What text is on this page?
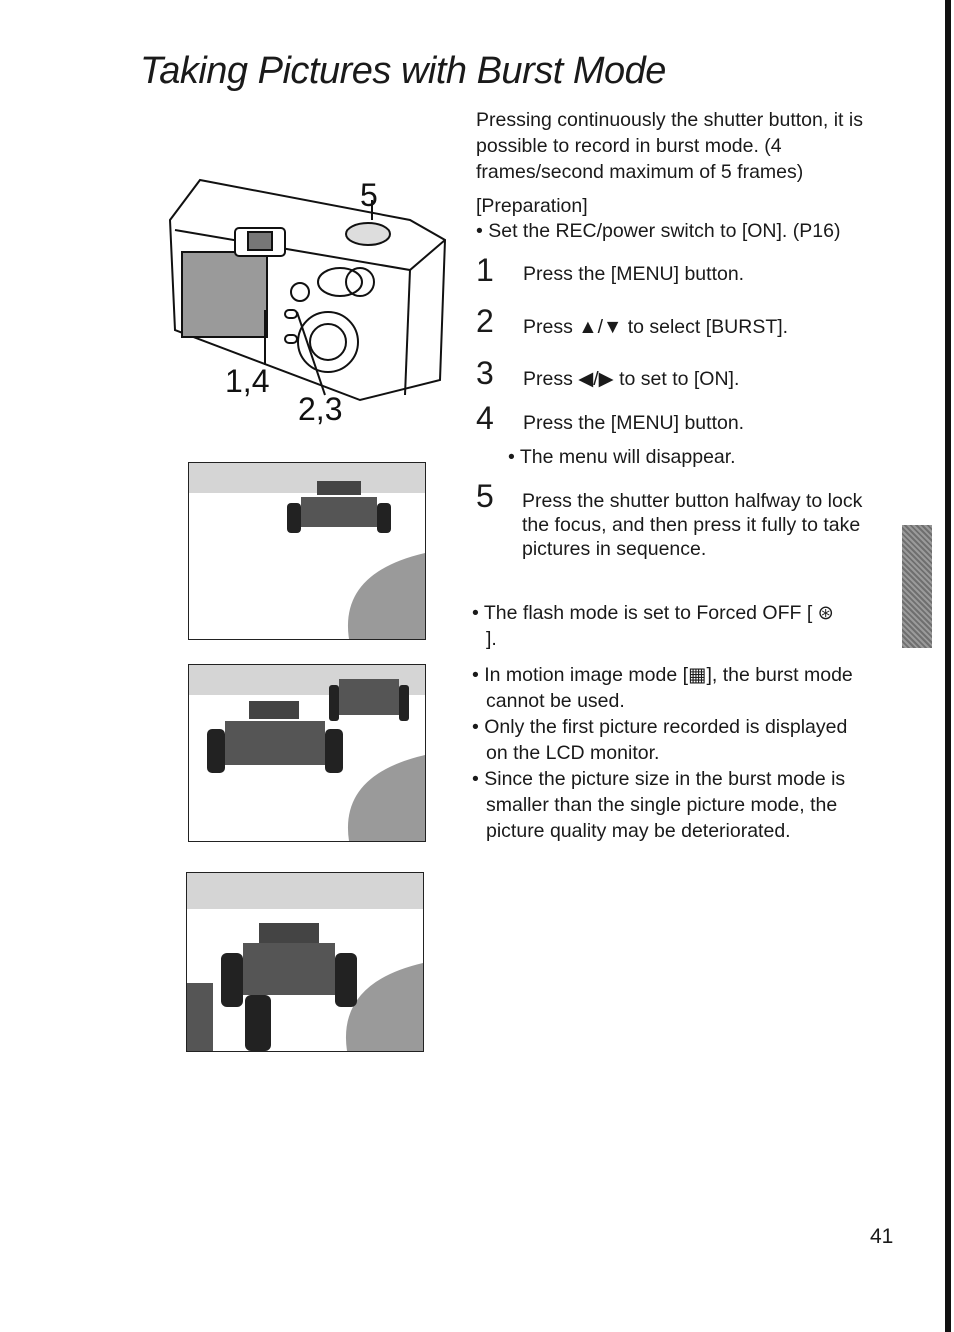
Taking Pictures with Burst Mode
5
1,4
2,3
Pressing continuously the shutter button, it is possible to record in burst mode. (4 frames/second maximum of 5 frames)
[Preparation]
• Set the REC/power switch to [ON]. (P16)
1	Press the [MENU] button.
2	Press ▲/▼ to select [BURST].
3	Press ◀/▶ to set to [ON].
4	Press the [MENU] button.
• The menu will disappear.
5	Press the shutter button halfway to lock the focus, and then press it fully to take pictures in sequence.

• The flash mode is set to Forced OFF [ ⊛ ].

• In motion image mode [▦], the burst mode cannot be used.

• Only the first picture recorded is displayed on the LCD monitor.

• Since the picture size in the burst mode is smaller than the single picture mode, the picture quality may be deteriorated.

41
